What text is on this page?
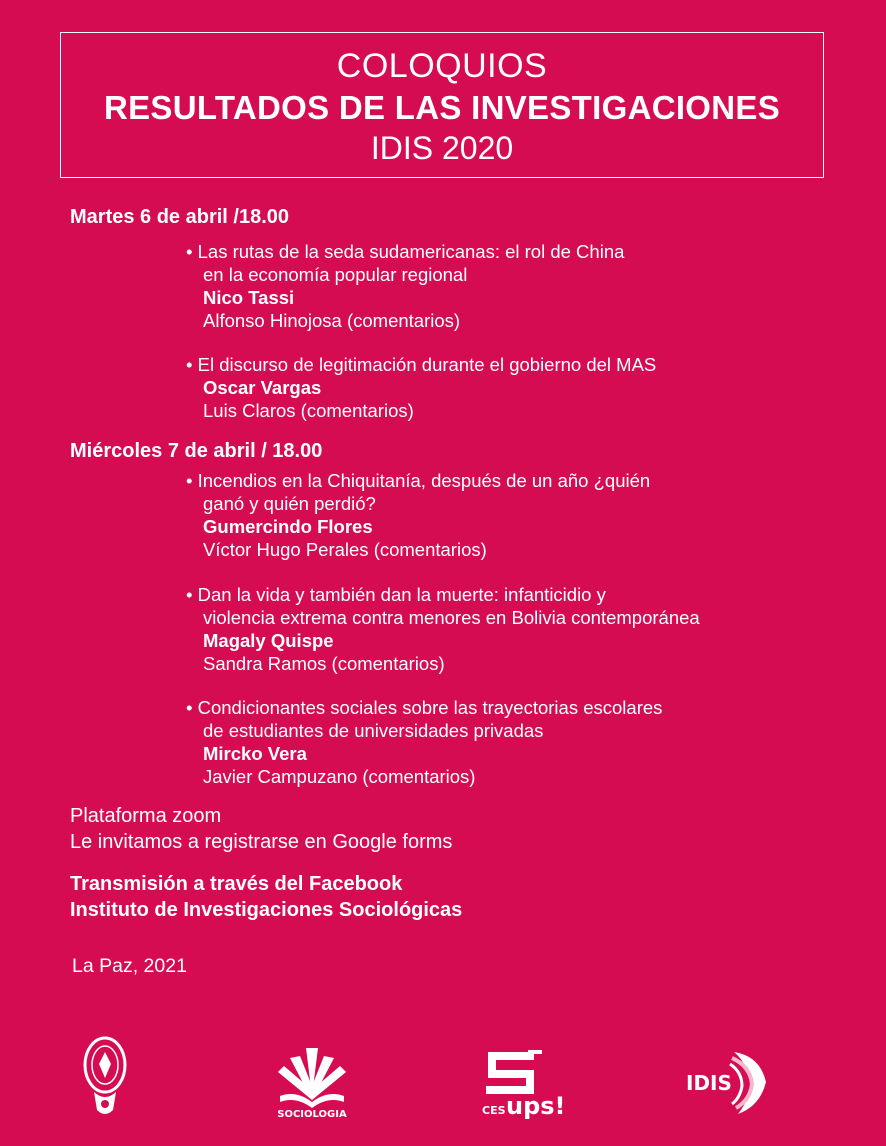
COLOQUIOS
RESULTADOS DE LAS INVESTIGACIONES
IDIS 2020
Martes 6 de abril /18.00
• Las rutas de la seda sudamericanas: el rol de China
en la economía popular regional
Nico Tassi
Alfonso Hinojosa (comentarios)
• El discurso de legitimación durante el gobierno del MAS
Oscar Vargas
Luis Claros (comentarios)
Miércoles 7 de abril / 18.00
• Incendios en la Chiquitanía, después de un año ¿quién
ganó y quién perdió?
Gumercindo Flores
Víctor Hugo Perales (comentarios)
• Dan la vida y también dan la muerte: infanticidio y
violencia extrema contra menores en Bolivia contemporánea
Magaly Quispe
Sandra Ramos (comentarios)
• Condicionantes sociales sobre las trayectorias escolares
de estudiantes de universidades privadas
Mircko Vera
Javier Campuzano (comentarios)
Plataforma zoom
Le invitamos a registrarse en Google forms
Transmisión a través del Facebook
Instituto de Investigaciones Sociológicas
La Paz, 2021
SOCIOLOGIA	CES ups!
IDIS
